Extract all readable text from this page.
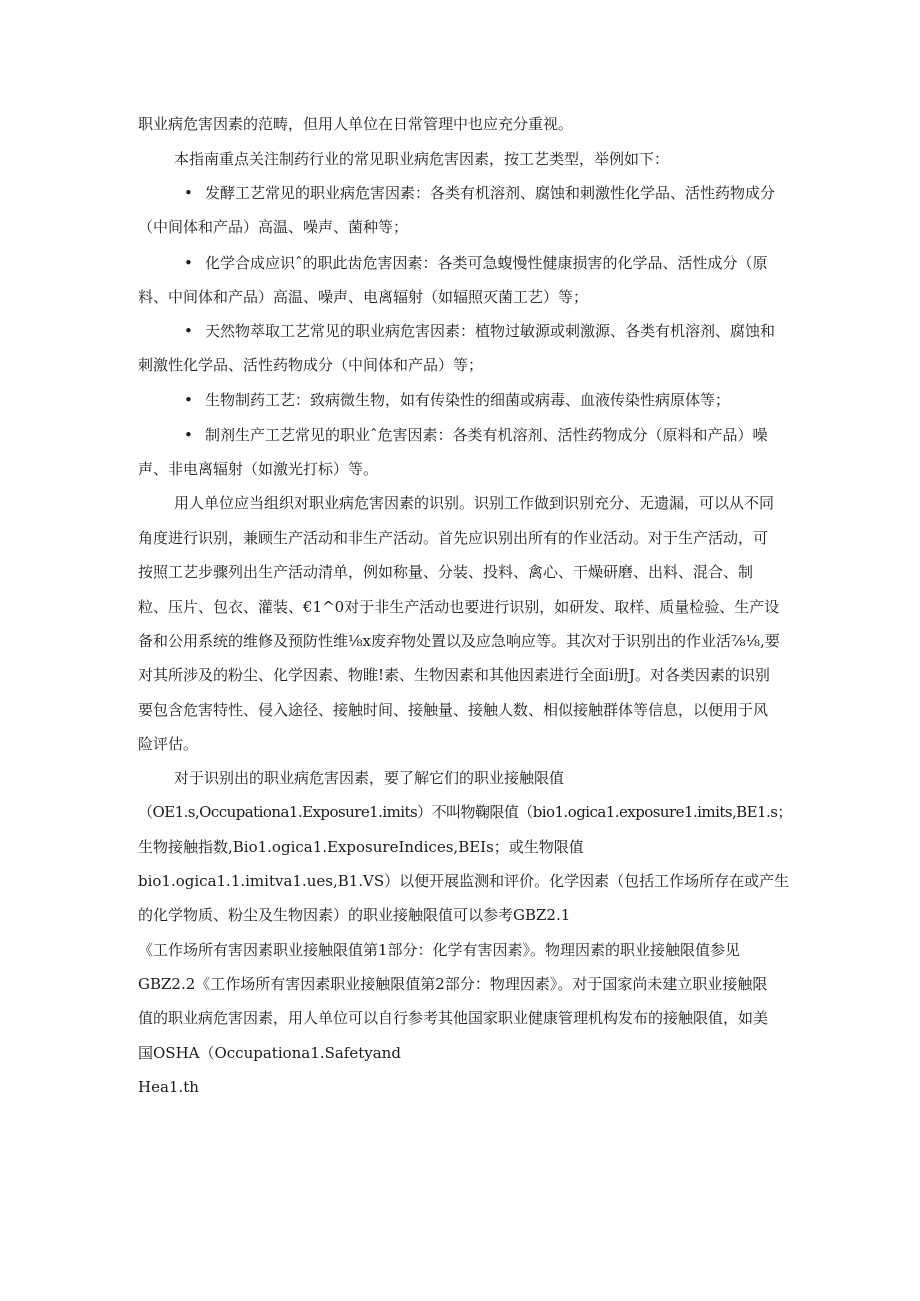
职业病危害因素的范畴，但用人单位在日常管理中也应充分重视。
本指南重点关注制药行业的常见职业病危害因素，按工艺类型，举例如下：
• 发酵工艺常见的职业病危害因素：各类有机溶剂、腐蚀和刺激性化学品、活性药物成分
（中间体和产品）高温、噪声、菌种等；
• 化学合成应识ˆ的职此齿危害因素：各类可急蝮慢性健康损害的化学品、活性成分（原
料、中间体和产品）高温、噪声、电离辐射（如辐照灭菌工艺）等；
• 天然物萃取工艺常见的职业病危害因素：植物过敏源或刺激源、各类有机溶剂、腐蚀和
刺激性化学品、活性药物成分（中间体和产品）等；
• 生物制药工艺：致病微生物，如有传染性的细菌或病毒、血液传染性病原体等；
• 制剂生产工艺常见的职业ˆ危害因素：各类有机溶剂、活性药物成分（原料和产品）噪
声、非电离辐射（如激光打标）等。
用人单位应当组织对职业病危害因素的识别。识别工作做到识别充分、无遗漏，可以从不同
角度进行识别，兼顾生产活动和非生产活动。首先应识别出所有的作业活动。对于生产活动，可
按照工艺步骤列出生产活动清单，例如称量、分装、投料、禽心、干燥研磨、出料、混合、制
粒、压片、包衣、灌装、€1^0对于非生产活动也要进行识别，如研发、取样、质量检验、生产设
备和公用系统的维修及预防性维⅛x废弃物处置以及应急响应等。其次对于识别出的作业活⅞⅛,要
对其所涉及的粉尘、化学因素、物睢!素、生物因素和其他因素进行全面i册J。对各类因素的识别
要包含危害特性、侵入途径、接触时间、接触量、接触人数、相似接触群体等信息，以便用于风
险评估。
对于识别出的职业病危害因素，要了解它们的职业接触限值
（OE1.s,Occupationa1.Exposure1.imits）不叫物鞠限值（bio1.ogica1.exposure1.imits,BE1.s；
生物接触指数,Bio1.ogica1.ExposureIndices,BEIs；或生物限值
bio1.ogica1.1.imitva1.ues,B1.VS）以便开展监测和评价。化学因素（包括工作场所存在或产生
的化学物质、粉尘及生物因素）的职业接触限值可以参考GBZ2.1
《工作场所有害因素职业接触限值第1部分：化学有害因素》。物理因素的职业接触限值参见
GBZ2.2《工作场所有害因素职业接触限值第2部分：物理因素》。对于国家尚未建立职业接触限
值的职业病危害因素，用人单位可以自行参考其他国家职业健康管理机构发布的接触限值，如美
国OSHA（Occupationa1.Safetyand
Hea1.th
